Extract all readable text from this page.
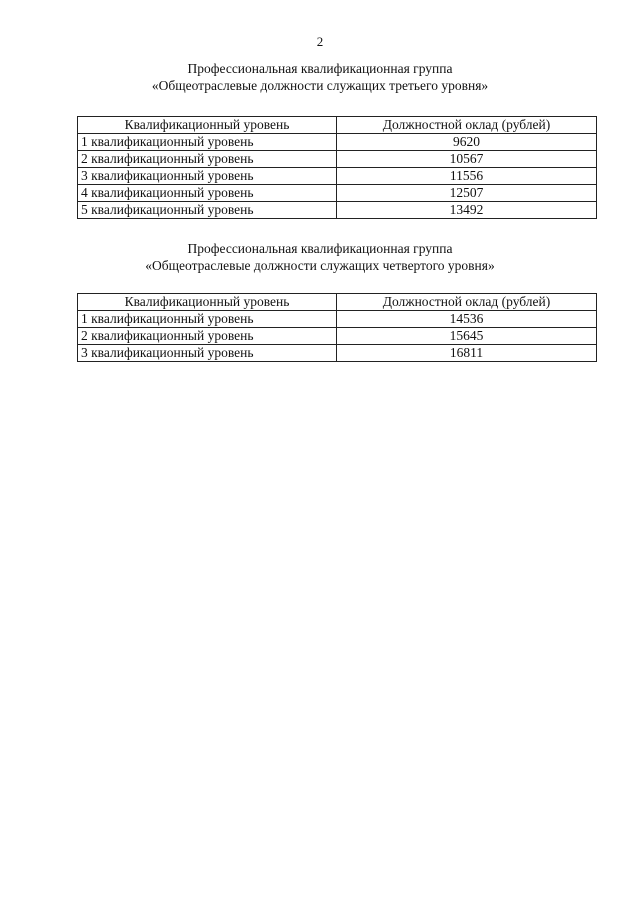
2
Профессиональная квалификационная группа
«Общеотраслевые должности служащих третьего уровня»
Квалификационный уровень	Должностной оклад (рублей)
1 квалификационный уровень	9620
2 квалификационный уровень	10567
3 квалификационный уровень	11556
4 квалификационный уровень	12507
5 квалификационный уровень	13492
Профессиональная квалификационная группа
«Общеотраслевые должности служащих четвертого уровня»
Квалификационный уровень	Должностной оклад (рублей)
1 квалификационный уровень	14536
2 квалификационный уровень	15645
3 квалификационный уровень	16811
